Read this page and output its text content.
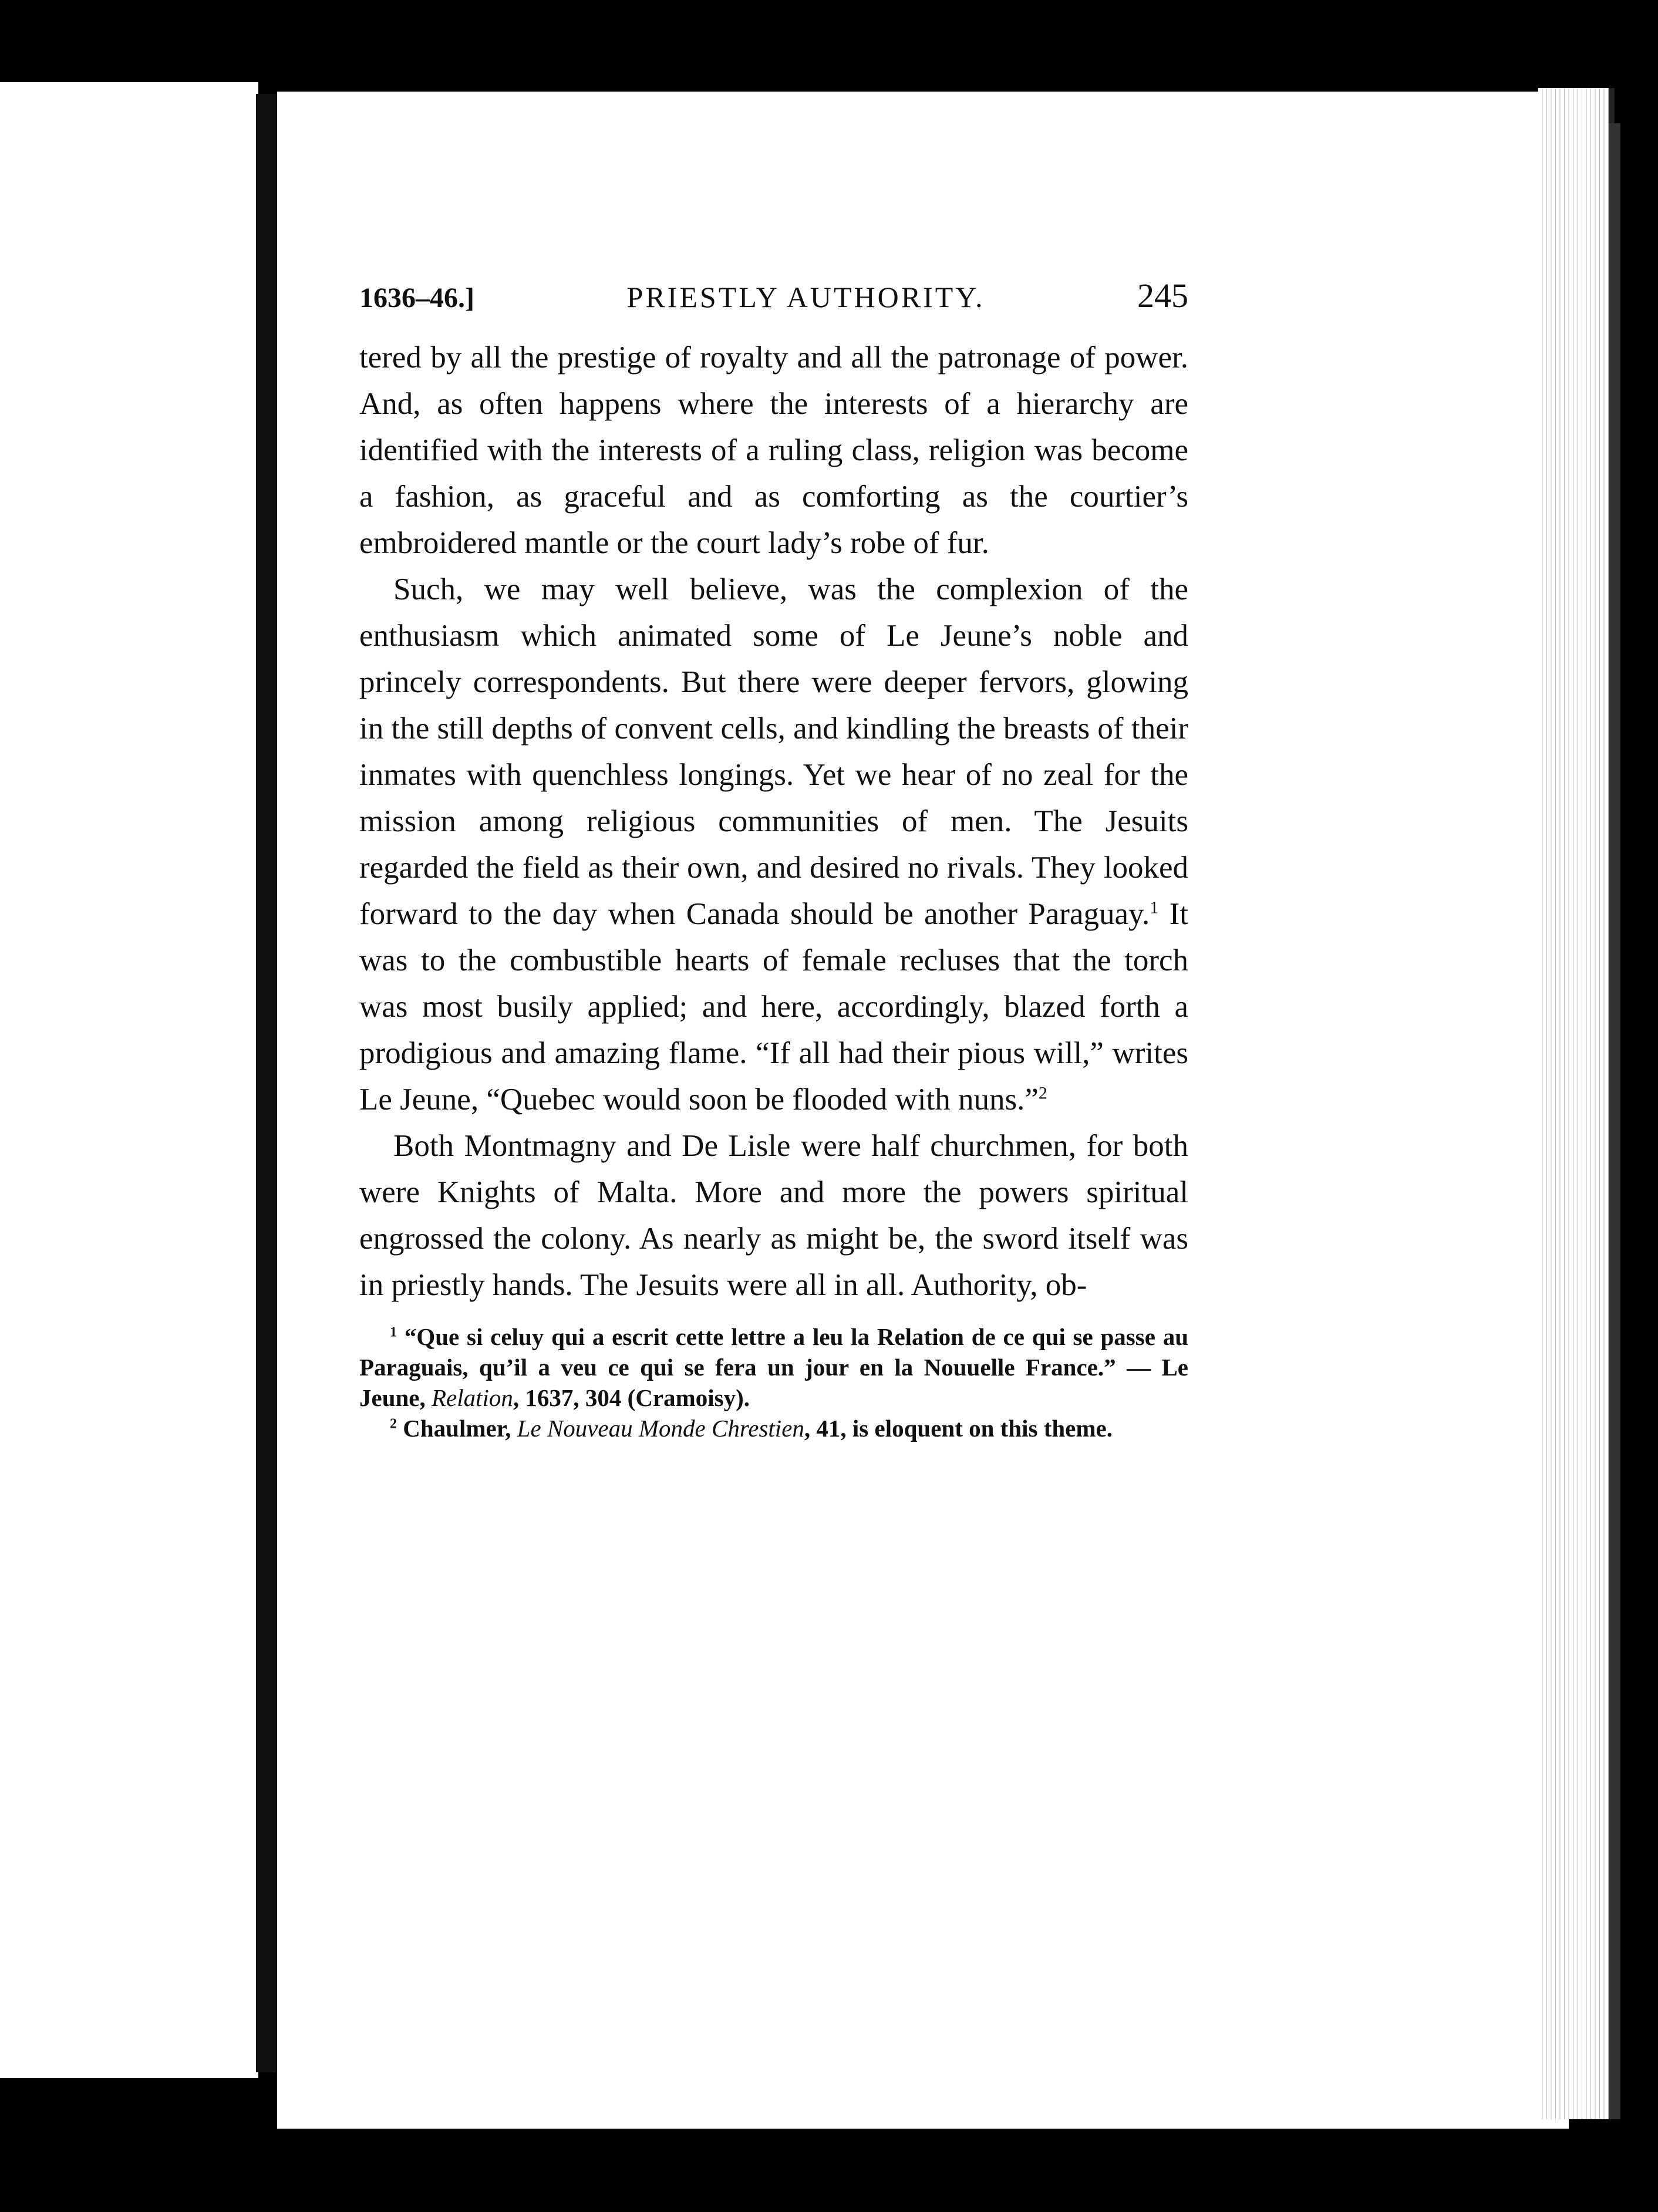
1636–46.]	PRIESTLY AUTHORITY.	245

tered by all the prestige of royalty and all the patronage of power. And, as often happens where the interests of a hierarchy are identified with the interests of a ruling class, religion was become a fashion, as graceful and as comforting as the courtier’s embroidered mantle or the court lady’s robe of fur.

Such, we may well believe, was the complexion of the enthusiasm which animated some of Le Jeune’s noble and princely correspondents. But there were deeper fervors, glowing in the still depths of convent cells, and kindling the breasts of their inmates with quenchless longings. Yet we hear of no zeal for the mission among religious communities of men. The Jesuits regarded the field as their own, and desired no rivals. They looked forward to the day when Canada should be another Paraguay.$^1$ It was to the combustible hearts of female recluses that the torch was most busily applied; and here, accordingly, blazed forth a prodigious and amazing flame. “If all had their pious will,” writes Le Jeune, “Quebec would soon be flooded with nuns.”$^2$

Both Montmagny and De Lisle were half churchmen, for both were Knights of Malta. More and more the powers spiritual engrossed the colony. As nearly as might be, the sword itself was in priestly hands. The Jesuits were all in all. Authority, ob-

$^1$ “Que si celuy qui a escrit cette lettre a leu la Relation de ce qui se passe au Paraguais, qu’il a veu ce qui se fera un jour en la Nouuelle France.” — Le Jeune, Relation, 1637, 304 (Cramoisy).

$^2$ Chaulmer, Le Nouveau Monde Chrestien, 41, is eloquent on this theme.
